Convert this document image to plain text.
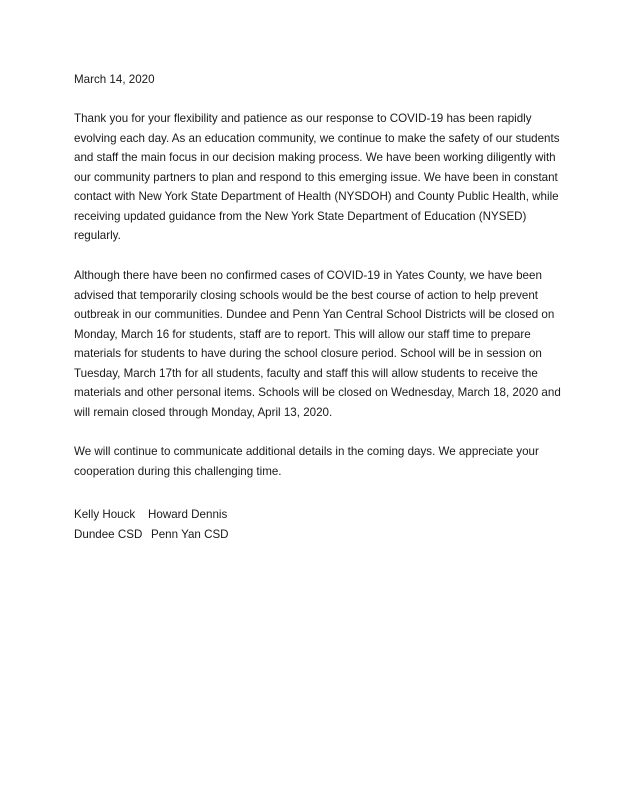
March 14, 2020
Thank you for your flexibility and patience as our response to COVID-19 has been rapidly
evolving each day. As an education community, we continue to make the safety of our students
and staff the main focus in our decision making process. We have been working diligently with
our community partners to plan and respond to this emerging issue. We have been in constant
contact with New York State Department of Health (NYSDOH) and County Public Health, while
receiving updated guidance from the New York State Department of Education (NYSED)
regularly.
Although there have been no confirmed cases of COVID-19 in Yates County, we have been
advised that temporarily closing schools would be the best course of action to help prevent
outbreak in our communities. Dundee and Penn Yan Central School Districts will be closed on
Monday, March 16 for students, staff are to report. This will allow our staff time to prepare
materials for students to have during the school closure period. School will be in session on
Tuesday, March 17th for all students, faculty and staff this will allow students to receive the
materials and other personal items. Schools will be closed on Wednesday, March 18, 2020 and
will remain closed through Monday, April 13, 2020.
We will continue to communicate additional details in the coming days. We appreciate your
cooperation during this challenging time.
Kelly Houck
Dundee CSD
Howard Dennis
Penn Yan CSD
